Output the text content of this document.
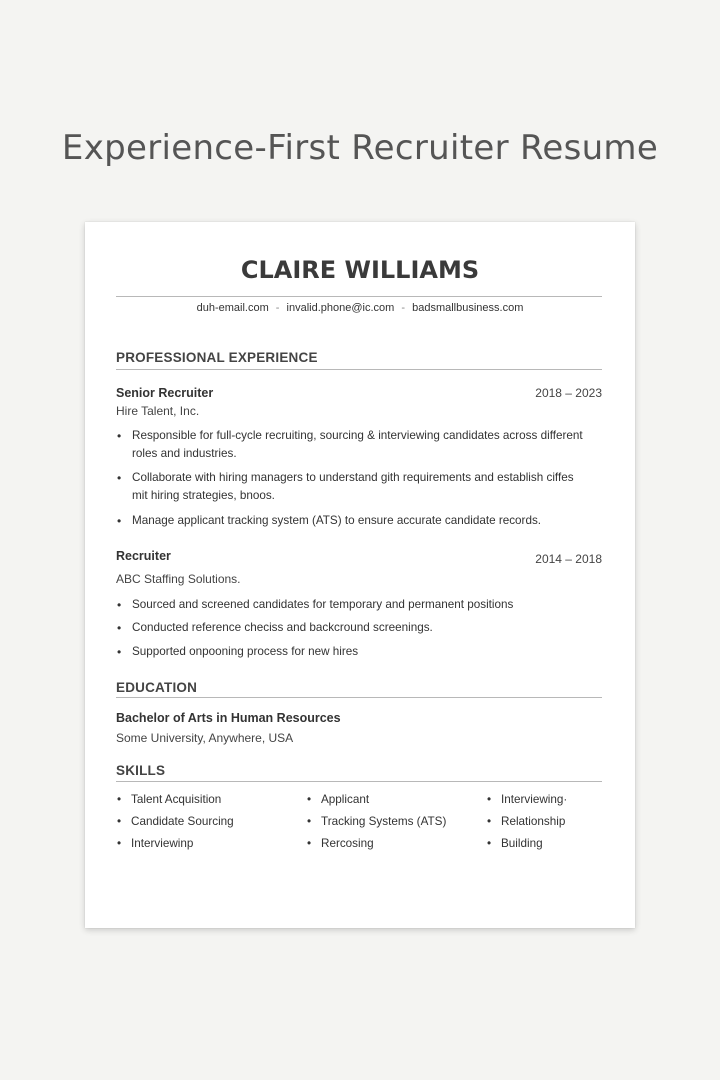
Experience-First Recruiter Resume
CLAIRE WILLIAMS
duh-email.com - invalid.phone@ic.com - badsmallbusiness.com
PROFESSIONAL EXPERIENCE
Senior Recruiter	2018 – 2023
Hire Talent, Inc.
• Responsible for full-cycle recruiting, sourcing & interviewing candidates across different roles and industries.
• Collaborate with hiring managers to understand gith requirements and establish ciffes mit hiring strategies, bnoos.
• Manage applicant tracking system (ATS) to ensure accurate candidate records.
Recruiter	2014 – 2018
ABC Staffing Solutions.
• Sourced and screened candidates for temporary and permanent positions
• Conducted reference checiss and backcround screenings.
• Supported onpooning process for new hires
EDUCATION
Bachelor of Arts in Human Resources
Some University, Anywhere, USA
SKILLS
• Talent Acquisition
• Candidate Sourcing
• Interviewinp
• Applicant
• Tracking Systems (ATS)
• Rercosing
• Interviewing·
• Relationship
• Building
